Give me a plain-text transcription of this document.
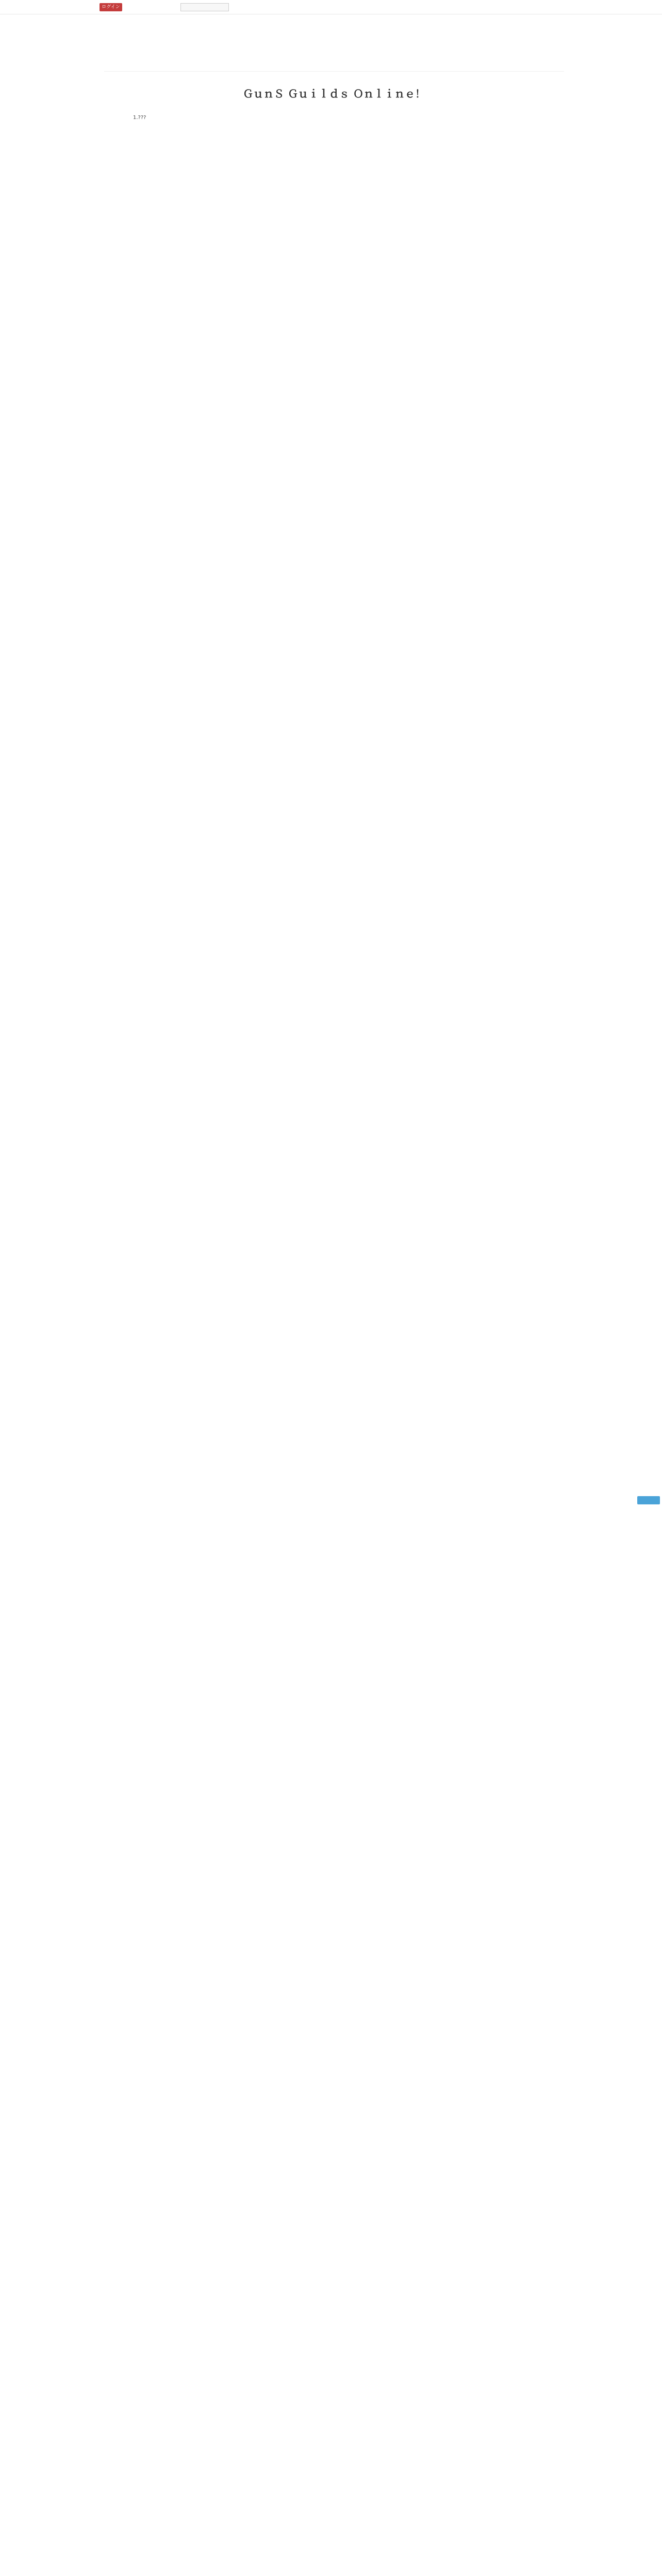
ログイン
ＧｕｎＳ Ｇｕｉｌｄｓ Ｏｎｌｉｎｅ！
1.???
